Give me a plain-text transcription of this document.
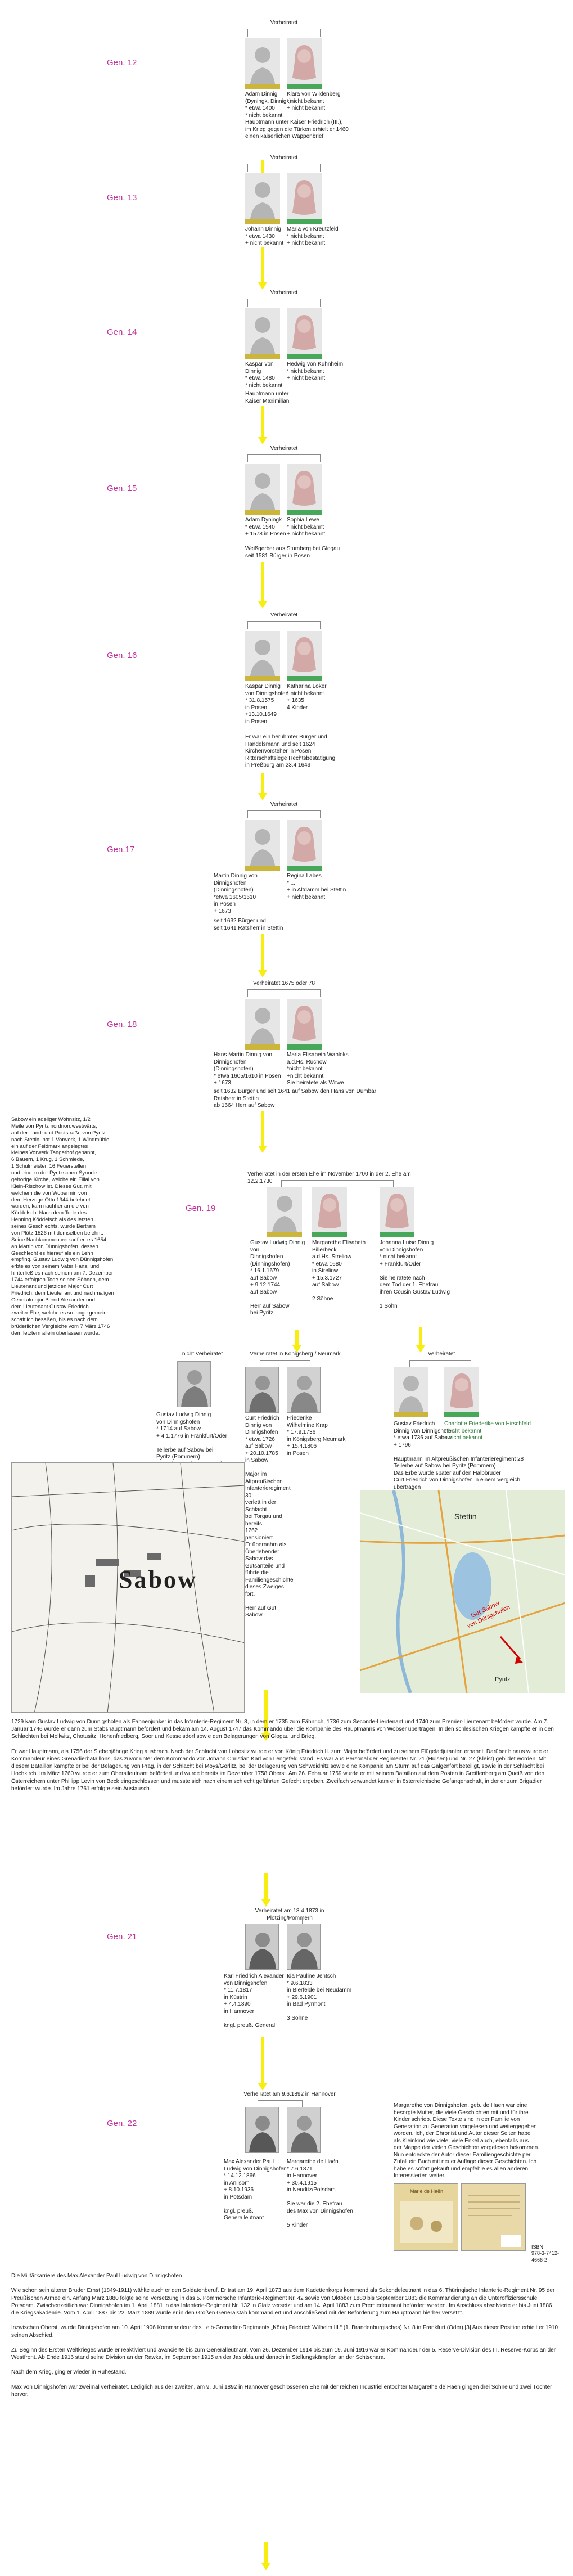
Gen. 12
Gen. 13
Gen. 14
Gen. 15
Gen. 16
Gen.17
Gen. 18
Gen. 19
Gen. 21
Gen. 22
Verheiratet
Adam Dinnig
(Dyningk, Dinnigk)
* etwa 1400
* nicht bekannt
Hauptmann unter Kaiser Friedrich (III.),
im Krieg gegen die Türken erhielt er 1460
einen kaiserlichen Wappenbrief
Klara von Wildenberg
* nicht bekannt
+ nicht bekannt
Verheiratet
Johann Dinnig
* etwa 1430
+ nicht bekannt
Maria von Kreutzfeld
* nicht bekannt
+ nicht bekannt
Verheiratet
Kaspar von Dinnig
* etwa 1480
* nicht bekannt
Hedwig von Kühnheim
* nicht bekannt
+ nicht bekannt
Hauptmann unter
Kaiser Maximilian
Verheiratet
Adam Dyningk
* etwa 1540
+ 1578 in Posen
Sophia Lewe
* nicht bekannt
+ nicht bekannt
Weißgerber aus Stumberg bei Glogau
seit 1581 Bürger in Posen
Verheiratet
Kaspar Dinnig
von Dinnigshofen
* 31.8.1575
in Posen
+13.10.1649
in Posen
Katharina Loker
* nicht bekannt
+ 1635
4 Kinder
Er war ein berühmter Bürger und
Handelsmann und seit 1624
Kirchenvorsteher in Posen
Ritterschaftsiege Rechtsbestätigung
in Preßburg am 23.4.1649
Verheiratet
Martin Dinnig von
Dinnigshofen (Dinningshofen)
*etwa 1605/1610
in Posen
+ 1673
Regina Labes
* ...
+ in Altdamm bei Stettin
+ nicht bekannt
seit 1632 Bürger und
seit 1641 Ratsherr in Stettin
Verheiratet 1675 oder 78
Hans Martin Dinnig von
Dinnigshofen (Dinningshofen)
* etwa 1605/1610 in Posen
+ 1673
Maria Elisabeth Wahloks
a.d.Hs. Ruchow
*nicht bekannt
+nicht bekannt
Sie heiratete als Witwe
seit 1632 Bürger und seit 1641 auf Sabow den Hans von Dumbar
Ratsherr in Stettin
ab 1664 Herr auf Sabow
Sabow ein adeliger Wohnsitz, 1/2
Meile von Pyritz nordnordwestwärts,
auf der Land- und Poststraße von Pyritz
nach Stettin, hat 1 Vorwerk, 1 Windmühle,
ein auf der Feldmark angelegtes
kleines Vorwerk Tangerhof genannt,
6 Bauern, 1 Krug, 1 Schmiede,
1 Schulmeister, 16 Feuerstellen,
und eine zu der Pyritzschen Synode
gehörige Kirche, welche ein Filial von
Klein-Rischow ist. Dieses Gut, mit
welchem die von Wobermin von
dem Herzoge Otto 1344 belehnet
wurden, kam nachher an die von
Köddelsch. Nach dem Tode des
Henning Köddelsch als des letzten
seines Geschlechts, wurde Bertram
von Plötz 1526 mit demselben belehnt.
Seine Nachkommen verkauften es 1654
an Martin von Dünnigshofen, dessen
Geschlecht es hierauf als ein Lehn
empfing. Gustav Ludwig von Dünnigshofen
erbte es von seinem Vater Hans, und
hinterließ es nach seinem am 7. Dezember
1744 erfolgten Tode seinen Söhnen, dem
Lieutenant und jetzigen Major Curt
Friedrich, dem Lieutenant und nachmaligen
Generalmajor Bernd Alexander und
dem Lieutenant Gustav Friedrich
zweiter Ehe, welche es so lange gemein-
schaftlich besaßen, bis es nach dem
brüderlichen Vergleiche vom 7 März 1746
dem letztern allein überlassen wurde.
Verheiratet in der ersten Ehe im November 1700 in der 2. Ehe am 12.2.1730
Gustav Ludwig Dinnig von
Dinnigshofen (Dinningshofen)
* 16.1.1679
auf Sabow
+ 9.12.1744
auf Sabow

Herr auf Sabow
bei Pyritz
Margarethe Elisabeth
Billerbeck
a.d.Hs. Streliow
* etwa 1680
in Streliow
+ 15.3.1727
auf Sabow

2 Söhne
Johanna Luise Dinnig
von Dinnigshofen
* nicht bekannt
+ Frankfurt/Oder

Sie heiratete nach
dem Tod der 1. Ehefrau
ihren Cousin Gustav Ludwig

1 Sohn
nicht Verheiratet
Gustav Ludwig Dinnig
von Dinnigshofen
* 1714 auf Sabow
+ 4.1.1776 in Frankfurt/Oder

Teilerbe auf Sabow bei
Pyritz (Pommern)

Verheiratet in Königsberg / Neumark
Curt Friedrich
Dinnig von
Dinnigshofen
* etwa 1726
auf Sabow
+ 20.10.1785
in Sabow

Major im Altpreußischen
Infanterieregiment 30.
verlett in der Schlacht
bei Torgau und bereits
1762 pensioniert.
Er übernahm als Überlebender
Sabow das Gutsanteile und
führte die Familiengeschichte
dieses Zweiges fort.

Herr auf Gut Sabow
Friederike
Wilhelmine Krap
* 17.9.1736
in Königsberg Neumark
+ 15.4.1806
in Posen
Verheiratet
Gustav Friedrich
Dinnig von Dinnigshofen
* etwa 1736 auf Sabow
+ 1796

Hauptmann im Altpreußischen Infanterieregiment 28
Teilerbe auf Sabow bei Pyritz (Pommern)
Das Erbe wurde später auf den Halbbruder
Curt Friedrich von Dinnigshofen in einem Vergleich
übertragen
Charlotte Friederike von Hirschfeld
* nicht bekannt
+ nicht bekannt
Sabow
Stettin
Pyritz
Gut Sabow
von Dünigshofen
1729 kam Gustav Ludwig von Dünnigshofen als Fahnenjunker in das Infanterie-Regiment Nr. 8, in dem er 1735 zum Fähnrich, 1736 zum Seconde-Lieutenant und 1740 zum Premier-Lieutenant befördert wurde. Am 7. Januar 1746 wurde er dann zum Stabshauptmann befördert und bekam am 14. August 1747 das Kommando über die Kompanie des Hauptmanns von Wobser übertragen. In den schlesischen Kriegen kämpfte er in den Schlachten bei Mollwitz, Chotusitz, Hohenfriedberg, Soor und Kesselsdorf sowie den Belagerungen von Glogau und Brieg.

Er war Hauptmann, als 1756 der Siebenjährige Krieg ausbrach. Nach der Schlacht von Lobositz wurde er von König Friedrich II. zum Major befördert und zu seinem Flügeladjutanten ernannt. Darüber hinaus wurde er Kommandeur eines Grenadierbataillons, das zuvor unter dem Kommando von Johann Christian Karl von Lengefeld stand. Es war aus Personal der Regimenter Nr. 21 (Hülsen) und Nr. 27 (Kleist) gebildet worden. Mit diesem Bataillon kämpfte er bei der Belagerung von Prag, in der Schlacht bei Moys/Görlitz, bei der Belagerung von Schweidnitz sowie eine Kompanie am Sturm auf das Galgenfort beteiligt, sowie in der Schlacht bei Hochkirch. Im März 1760 wurde er zum Oberstleutnant befördert und wurde bereits im Dezember 1758 Oberst. Am 26. Februar 1759 wurde er mit seinem Bataillon auf dem Posten in Greiffenberg am Queiß von den Österreichern unter Phillipp Levin von Beck eingeschlossen und musste sich nach einem schlecht geführten Gefecht ergeben. Zweifach verwundet kam er in österreichische Gefangenschaft, in der er zum Brigadier befördert wurde. Im Jahre 1761 erfolgte sein Austausch.
Verheiratet am 18.4.1873 in Plötzing/Pommern
Karl Friedrich Alexander
von Dinnigshofen
* 11.7.1817
in Küstrin
+ 4.4.1890
in Hannover

kngl. preuß. General
Ida Pauline Jentsch
* 9.6.1833
in Bierfelde bei Neudamm
+ 29.6.1901
in Bad Pyrmont

3 Söhne
Verheiratet am 9.6.1892 in Hannover
Max Alexander Paul
Ludwig von Dinnigshofen
* 14.12.1866
in Anilsom
+ 8.10.1936
in Potsdam

kngl. preuß. Generalleutnant
Margarethe de Haën
* 7.6.1871
in Hannover
+ 30.4.1915
in Neuditz/Potsdam

Sie war die 2. Ehefrau
des Max von Dinnigshofen

5 Kinder
Margarethe von Dinnigshofen, geb. de Haën war eine
besorgte Mutter, die viele Geschichten mit und für ihre
Kinder schrieb. Diese Texte sind in der Familie von
Generation zu Generation vorgelesen und weitergegeben
worden. Ich, der Chronist und Autor dieser Seiten habe
als Kleinkind wie viele, viele Enkel auch, ebenfalls aus
der Mappe der vielen Geschichten vorgelesen bekommen.
Nun entdeckte der Autor dieser Familiengeschichte per
Zufall ein Buch mit neuer Auflage dieser Geschichten. Ich
habe es sofort gekauft und empfehle es allen anderen
Interessierten weiter.
Marie de Haën
ISBN
978-3-7412-4666-2
Die Militärkarriere des Max Alexander Paul Ludwig von Dinnigshofen

Wie schon sein älterer Bruder Ernst (1849-1911) wählte auch er den Soldatenberuf. Er trat am 19. April 1873 aus dem Kadettenkorps kommend als Sekondeleutnant in das 6. Thüringische Infanterie-Regiment Nr. 95 der Preußischen Armee ein. Anfang März 1880 folgte seine Versetzung in das 5. Pommersche Infanterie-Regiment Nr. 42 sowie von Oktober 1880 bis September 1883 die Kommandierung an die Unteroffiziersschule Potsdam. Zwischenzeitlich war Dinnigshofen im 1. April 1881 in das Infanterie-Regiment Nr. 132 in Glatz versetzt und am 14. April 1883 zum Premierleutnant befördert worden. Im Anschluss absolvierte er bis Juni 1886 die Kriegsakademie. Vom 1. April 1887 bis 22. März 1889 wurde er in den Großen Generalstab kommandiert und anschließend mit der Beförderung zum Hauptmann hierher versetzt.

Inzwischen Oberst, wurde Dinnigshofen am 10. April 1906 Kommandeur des Leib-Grenadier-Regiments „König Friedrich Wilhelm III.“ (1. Brandenburgisches) Nr. 8 in Frankfurt (Oder).[3] Aus dieser Position erhielt er 1910 seinen Abschied.

Zu Beginn des Ersten Weltkrieges wurde er reaktiviert und avancierte bis zum Generalleutnant. Vom 26. Dezember 1914 bis zum 19. Juni 1916 war er Kommandeur der 5. Reserve-Division des III. Reserve-Korps an der Westfront. Ab Ende 1916 stand seine Division an der Rawka, im September 1915 an der Jasiolda und danach in Stellungskämpfen an der Schtschara.

Nach dem Krieg, ging er wieder in Ruhestand.

Max von Dinnigshofen war zweimal verheiratet. Lediglich aus der zweiten, am 9. Juni 1892 in Hannover geschlossenen Ehe mit der reichen Industriellentochter Margarethe de Haën gingen drei Söhne und zwei Töchter hervor.
